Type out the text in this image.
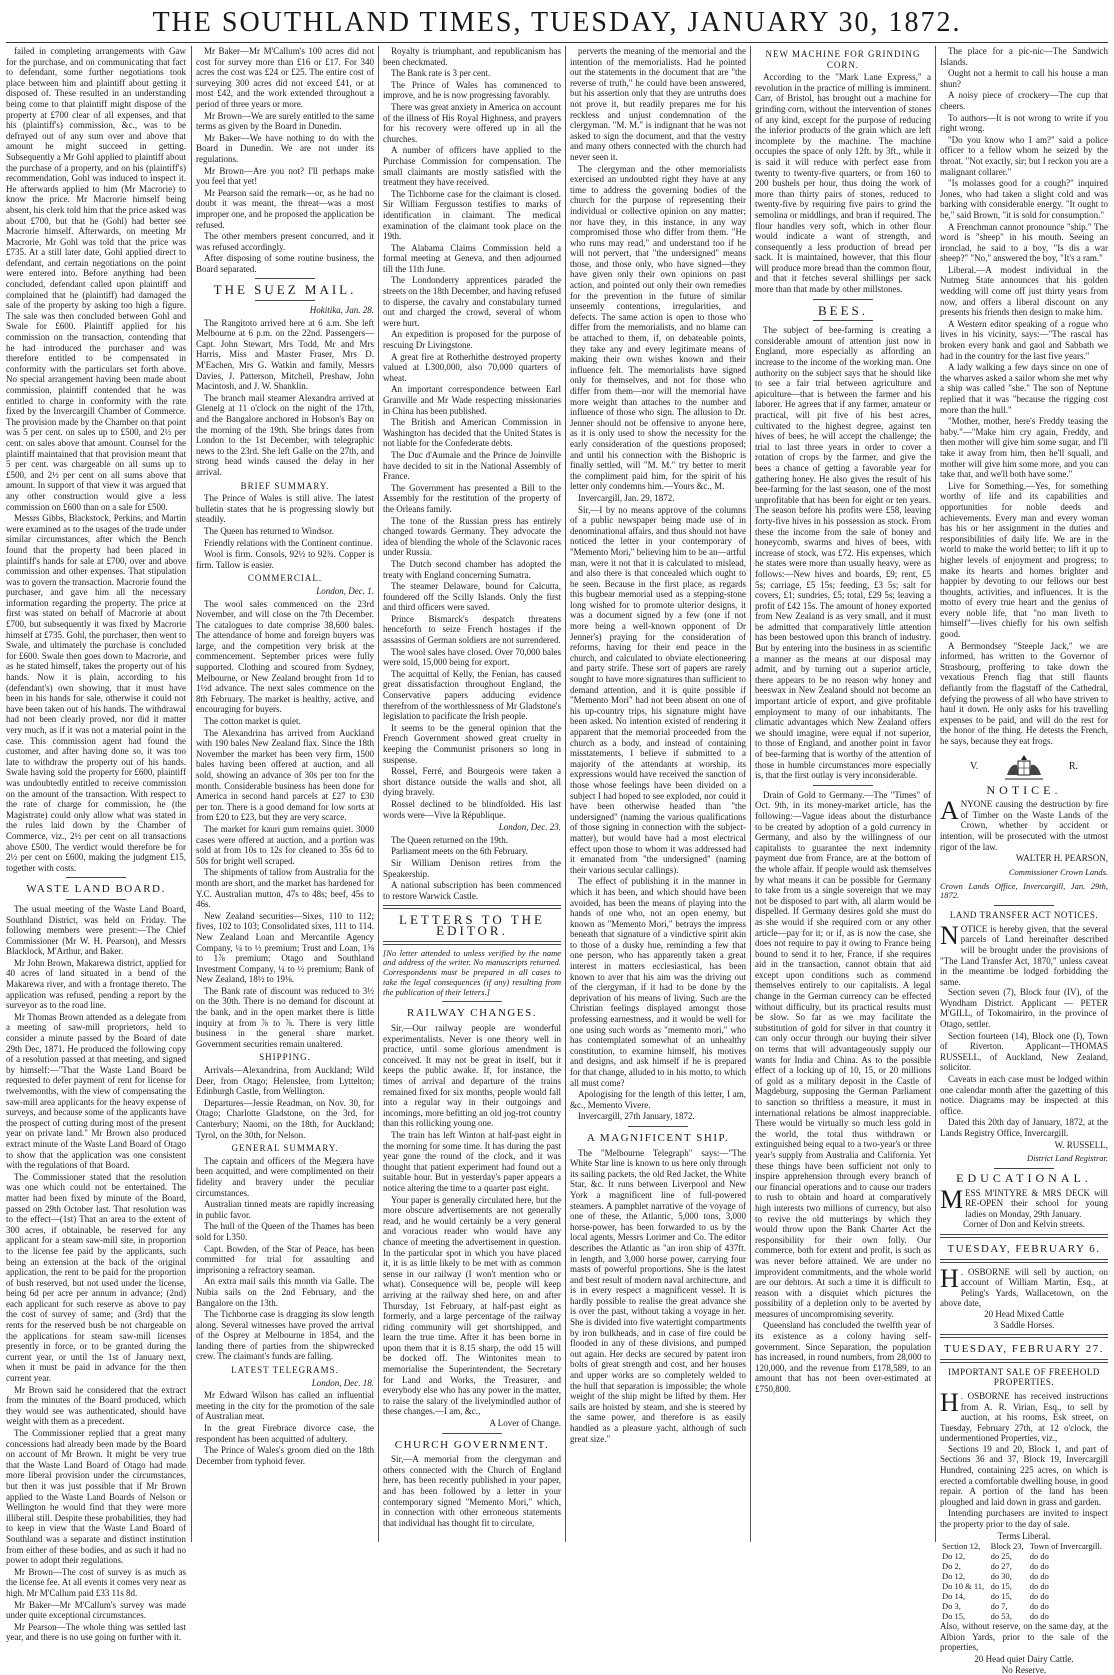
THE SOUTHLAND TIMES, TUESDAY, JANUARY 30, 1872.

failed in completing arrangements with Gaw for the purchase, and on communicating that fact to defendant, some further negotiations took place between him and plaintiff about getting it disposed of. These resulted in an understanding being come to that plaintiff might dispose of the property at £700 clear of all expenses, and that his (plaintiff's) commission, &c., was to be defrayed out of any sum over and above that amount he might succeed in getting. Subsequently a Mr Gohl applied to plaintiff about the purchase of a property, and on his (plaintiff's) recommendation, Gohl was induced to inspect it. He afterwards applied to him (Mr Macrorie) to know the price. Mr Macrorie himself being absent, his clerk told him that the price asked was about £700, but that he (Gohl) had better see Macrorie himself. Afterwards, on meeting Mr Macrorie, Mr Gohl was told that the price was £735. At a still later date, Gohl applied direct to defendant, and certain negotiations on the point were entered into. Before anything had been concluded, defendant called upon plaintiff and complained that he (plaintiff) had damaged the sale of the property by asking too high a figure. The sale was then concluded between Gohl and Swale for £600. Plaintiff applied for his commission on the transaction, contending that he had introduced the purchaser and was therefore entitled to be compensated in conformity with the particulars set forth above. No special arrangement having been made about commission, plaintiff contended that he was entitled to charge in conformity with the rate fixed by the Invercargill Chamber of Commerce. The provision made by the Chamber on that point was 5 per cent. on sales up to £500, and 2½ per cent. on sales above that amount. Counsel for the plaintiff maintained that that provision meant that 5 per cent. was chargeable on all sums up to £500, and 2½ per cent on all sums above that amount. In support of that view it was argued that any other construction would give a less commission on £600 than on a sale for £500.

Messrs Gibbs, Blackstock, Perkins, and Martin were examined as to the usages of the trade under similar circumstances, after which the Bench found that the property had been placed in plaintiff's hands for sale at £700, over and above commission and other expenses. That stipulation was to govern the transaction. Macrorie found the purchaser, and gave him all the necessary information regarding the property. The price at first was stated on behalf of Macrorie at about £700, but subsequently it was fixed by Macrorie himself at £735. Gohl, the purchaser, then went to Swale, and ultimately the purchase is concluded for £600. Swale then goes down to Macrorie, and as he stated himself, takes the property out of his hands. Now it is plain, according to his (defendant's) own showing, that it must have been in his hands for sale, otherwise it could not have been taken out of his hands. The withdrawal had not been clearly proved, nor did it matter very much, as if it was not a material point in the case. This commission agent had found the customer, and after having done so, it was too late to withdraw the property out of his hands. Swale having sold the property for £600, plaintiff was undoubtedly entitled to receive commission on the amount of the transaction. With respect to the rate of charge for commission, he (the Magistrate) could only allow what was stated in the rules laid down by the Chamber of Commerce, viz., 2½ per cent on all transactions above £500. The verdict would therefore be for 2½ per cent on £600, making the judgment £15, together with costs.

WASTE LAND BOARD.

The usual meeting of the Waste Land Board, Southland District, was held on Friday. The following members were present:—The Chief Commissioner (Mr W. H. Pearson), and Messrs Blacklock, M'Arthur, and Baker.

Mr John Brown, Makarewa district, applied for 40 acres of land situated in a bend of the Makarewa river, and with a frontage thereto. The application was refused, pending a report by the surveyor as to the road line.

Mr Thomas Brown attended as a delegate from a meeting of saw-mill proprietors, held to consider a minute passed by the Board of date 29th Dec, 1871. He produced the following copy of a resolution passed at that meeting, and signed by himself:—"That the Waste Land Board be requested to defer payment of rent for license for twelvemonths, with the view of compensating the saw-mill area applicants for the heavy expense of surveys, and because some of the applicants have the prospect of cutting during most of the present year on private land." Mr Brown also produced extract minute of the Waste Land Board of Otago to show that the application was one consistent with the regulations of that Board.

The Commissioner stated that the resolution was one which could not be entertained. The matter had been fixed by minute of the Board, passed on 29th October last. That resolution was to the effect—(1st) That an area to the extent of 300 acres, if obtainable, be reserved for any applicant for a steam saw-mill site, in proportion to the license fee paid by the applicants, such being an extension at the back of the original application, the rent to be paid for the proportion of bush reserved, but not used under the license, being 6d per acre per annum in advance; (2nd) each applicant for such reserve as above to pay the cost of survey of same; and (3rd) that the rents for the reserved bush be not chargeable on the applications for steam saw-mill licenses presently in force, or to be granted during the current year, or until the 1st of January next, when it must be paid in advance for the then current year.

Mr Brown said he considered that the extract from the minutes of the Board produced, which they would see was authenticated, should have weight with them as a precedent.

The Commissioner replied that a great many concessions had already been made by the Board on account of Mr Brown. It might be very true that the Waste Land Board of Otago had made more liberal provision under the circumstances, but then it was just possible that if Mr Brown applied to the Waste Land Boards of Nelson or Wellington he would find that they were more illiberal still. Despite these probabilities, they had to keep in view that the Waste Land Board of Southland was a separate and distinct institution from either of these bodies, and as such it had no power to adopt their regulations.

Mr Brown—The cost of survey is as much as the license fee. At all events it comes very near as high. Mr M'Callum paid £33 11s 8d.

Mr Baker—Mr M'Callum's survey was made under quite exceptional circumstances.

Mr Pearson—The whole thing was settled last year, and there is no use going on further with it.

Mr Baker—Mr M'Callum's 100 acres did not cost for survey more than £16 or £17. For 340 acres the cost was £24 or £25. The entire cost of surveying 300 acres did not exceed £41, or at most £42, and the work extended throughout a period of three years or more.

Mr Brown—We are surely entitled to the same terms as given by the Board in Dunedin.

Mr Baker—We have nothing to do with the Board in Dunedin. We are not under its regulations.

Mr Brown—Are you not? I'll perhaps make you feel that yet!

Mr Pearson said the remark—or, as he had no doubt it was meant, the threat—was a most improper one, and he proposed the application be refused.

The other members present concurred, and it was refused accordingly.

After disposing of some routine business, the Board separated.

THE SUEZ MAIL.
Hokitika, Jan. 28.

The Rangitoto arrived here at 6 a.m. She left Melbourne at 6 p.m. on the 22nd. Passengers—Capt. John Stewart, Mrs Todd, Mr and Mrs Harris, Miss and Master Fraser, Mrs D. M'Eachen, Mrs G. Watkin and family, Messrs Davies, J. Patterson, Mitchell, Preshaw, John Macintosh, and J. W. Shanklin.

The branch mail steamer Alexandra arrived at Glenelg at 11 o'clock on the night of the 17th, and the Bangalore anchored in Hobson's Bay on the morning of the 19th. She brings dates from London to the 1st December, with telegraphic news to the 23rd. She left Galle on the 27th, and strong head winds caused the delay in her arrival.

BRIEF SUMMARY.

The Prince of Wales is still alive. The latest bulletin states that he is progressing slowly but steadily.

The Queen has returned to Windsor.

Friendly relations with the Continent continue.

Wool is firm. Consols, 92½ to 92¾. Copper is firm. Tallow is easier.

COMMERCIAL.
London, Dec. 1.

The wool sales commenced on the 23rd November, and will close on the 7th December. The catalogues to date comprise 38,600 bales. The attendance of home and foreign buyers was large, and the competition very brisk at the commencement. September prices were fully supported. Clothing and scoured from Sydney, Melbourne, or New Zealand brought from 1d to 1½d advance. The next sales commence on the 8th February. The market is healthy, active, and encouraging for buyers.

The cotton market is quiet.

The Alexandrina has arrived from Auckland with 190 bales New Zealand flax. Since the 18th November the market has been very firm, 1500 bales having been offered at auction, and all sold, showing an advance of 30s per ton for the month. Considerable business has been done for America in second hand parcels at £27 to £30 per ton. There is a good demand for low sorts at from £20 to £23, but they are very scarce.

The market for kauri gum remains quiet. 3000 cases were offered at auction, and a portion was sold at from 10s to 12s for cleaned to 35s 6d to 50s for bright well scraped.

The shipments of tallow from Australia for the month are short, and the market has hardened for Y.C. Australian mutton, 47s to 48s; beef, 45s to 46s.

New Zealand securities—Sixes, 110 to 112; fives, 102 to 103; Consolidated sixes, 111 to 114. New Zealand Loan and Mercantile Agency Company, ¼ to ½ premium; Trust and Loan, 1⅝ to 1⅞ premium; Otago and Southland Investment Company, ¼ to ½ premium; Bank of New Zealand, 18½ to 19⅛.

The Bank rate of discount was reduced to 3½ on the 30th. There is no demand for discount at the bank, and in the open market there is little inquiry at from ⅞ to ⅞. There is very little business in the general share market. Government securities remain unaltered.

SHIPPING.

Arrivals—Alexandrina, from Auckland; Wild Deer, from Otago; Helenslee, from Lyttelton; Edinburgh Castle, from Wellington.

Departures—Jessie Readman, on Nov. 30, for Otago; Charlotte Gladstone, on the 3rd, for Canterbury; Naomi, on the 18th, for Auckland; Tyrol, on the 30th, for Nelson.

GENERAL SUMMARY.

The captain and officers of the Megæra have been acquitted, and were complimented on their fidelity and bravery under the peculiar circumstances.

Australian tinned meats are rapidly increasing in public favor.

The hull of the Queen of the Thames has been sold for L350.

Capt. Bowden, of the Star of Peace, has been committed for trial for assaulting and imprisoning a refractory seaman.

An extra mail sails this month via Galle. The Nubia sails on the 2nd February, and the Bangalore on the 13th.

The Tichborne case is dragging its slow length along. Several witnesses have proved the arrival of the Osprey at Melbourne in 1854, and the landing there of parties from the shipwrecked crew. The claimant's funds are falling.

LATEST TELEGRAMS.
London, Dec. 18.

Mr Edward Wilson has called an influential meeting in the city for the promotion of the sale of Australian meat.

In the great Firebrace divorce case, the respondent has been acquitted of adultery.

The Prince of Wales's groom died on the 18th December from typhoid fever.

Royalty is triumphant, and republicanism has been checkmated.

The Bank rate is 3 per cent.

The Prince of Wales has commenced to improve, and he is now progressing favorably.

There was great anxiety in America on account of the illness of His Royal Highness, and prayers for his recovery were offered up in all the churches.

A number of officers have applied to the Purchase Commission for compensation. The small claimants are mostly satisfied with the treatment they have received.

The Tichborne case for the claimant is closed. Sir William Fergusson testifies to marks of identification in claimant. The medical examination of the claimant took place on the 19th.

The Alabama Claims Commission held a formal meeting at Geneva, and then adjourned till the 11th June.

The Londonderry apprentices paraded the streets on the 18th December, and having refused to disperse, the cavalry and constabulary turned out and charged the crowd, several of whom were hurt.

An expedition is proposed for the purpose of rescuing Dr Livingstone.

A great fire at Rotherhithe destroyed property valued at L300,000, also 70,000 quarters of wheat.

An important correspondence between Earl Granville and Mr Wade respecting missionaries in China has been published.

The British and American Commission in Washington has decided that the United States is not liable for the Confederate debts.

The Duc d'Aumale and the Prince de Joinville have decided to sit in the National Assembly of France.

The Government has presented a Bill to the Assembly for the restitution of the property of the Orleans family.

The tone of the Russian press has entirely changed towards Germany. They advocate the idea of blending the whole of the Sclavonic races under Russia.

The Dutch second chamber has adopted the treaty with England concerning Sumatra.

The steamer Delaware, bound for Calcutta, foundered off the Scilly Islands. Only the first and third officers were saved.

Prince Bismarck's despatch threatens henceforth to seize French hostages if the assassins of German soldiers are not surrendered.

The wool sales have closed. Over 70,000 bales were sold, 15,000 being for export.

The acquittal of Kelly, the Fenian, has caused great dissatisfaction throughout England, the Conservative papers adducing evidence therefrom of the worthlessness of Mr Gladstone's legislation to pacificate the Irish people.

It seems to be the general opinion that the French Government showed great cruelty in keeping the Communist prisoners so long in suspense.

Rossel, Ferré, and Bourgeois were taken a short distance outside the walls and shot, all dying bravely.

Rossel declined to be blindfolded. His last words were—Vive la République.

London, Dec. 23.

The Queen returned on the 19th.

Parliament meets on the 6th February.

Sir William Denison retires from the Speakership.

A national subscription has been commenced to restore Warwick Castle.

LETTERS TO THE EDITOR.
[No letter attended to unless verified by the name and address of the writer. No manuscripts returned. Correspondents must be prepared in all cases to take the legal consequences (if any) resulting from the publication of their letters.]
RAILWAY CHANGES.

Sir,—Our railway people are wonderful experimentalists. Never is one theory well in practice, until some glorious amendment is conceived. It may not be great in itself, but it keeps the public awake. If, for instance, the times of arrival and departure of the trains remained fixed for six months, people would fall into a regular way in their outgoings and incomings, more befitting an old jog-trot country than this rollicking young one.

The train has left Winton at half-past eight in the morning for some time. It has during the past year gone the round of the clock, and it was thought that patient experiment had found out a suitable hour. But in yesterday's paper appears a notice altering the time to a quarter past eight.

Your paper is generally circulated here, but the more obscure advertisements are not generally read, and he would certainly be a very general and voracious reader who would have any chance of meeting the advertisement in question. In the particular spot in which you have placed it, it is as little likely to be met with as common sense in our railway (I won't mention who or what). Consequence will be, people will keep arriving at the railway shed here, on and after Thursday, 1st February, at half-past eight as formerly, and a large percentage of the railway riding community will get shortshipped, and learn the true time. After it has been borne in upon them that it is 8.15 sharp, the odd 15 will be docked off. The Wintonites mean to memorialise the Superintendent, the Secretary for Land and Works, the Treasurer, and everybody else who has any power in the matter, to raise the salary of the livelymindled author of these changes.—I am, &c.,

A Lover of Change.
CHURCH GOVERNMENT.

Sir,—A memorial from the clergyman and others connected with the Church of England here, has been recently published in your paper, and has been followed by a letter in your contemporary signed "Memento Mori," which, in connection with other erroneous statements that individual has thought fit to circulate,

perverts the meaning of the memorial and the intention of the memorialists. Had he pointed out the statements in the document that are "the reverse of truth," he could have been answered, but his assertion only that they are untruths does not prove it, but readily prepares me for his reckless and unjust condemnation of the clergyman. "M. M." is indignant that he was not asked to sign the document, and that the vestry and many others connected with the church had never seen it.

The clergyman and the other memorialists exercised an undoubted right they have at any time to address the governing bodies of the church for the purpose of representing their individual or collective opinion on any matter; nor have they, in this instance, in any way compromised those who differ from them. "He who runs may read," and understand too if he will not pervert, that "the undersigned" means those, and those only, who have signed—they have given only their own opinions on past action, and pointed out only their own remedies for the prevention in the future of similar unseemly contentions, irregularities, and defects. The same action is open to those who differ from the memorialists, and no blame can be attached to them, if, on debateable points, they take any and every legitimate means of making their own wishes known and their influence felt. The memorialists have signed only for themselves, and not for those who differ from them—nor will the memorial have more weight than attaches to the number and influence of those who sign. The allusion to Dr. Jenner should not be offensive to anyone here, as it is only used to show the necessity for the early consideration of the questions proposed; and until his connection with the Bishopric is finally settled, will "M. M." try better to merit the compliment paid him, for the spirit of his letter only condemns him.—Yours &c., M.

Invercargill, Jan. 29, 1872.

Sir,—I by no means approve of the columns of a public newspaper being made use of in denominational affairs, and thus should not have noticed the letter in your contemporary of "Memento Mori," believing him to be an—artful man, were it not that it is calculated to mislead, and also there is that concealed which ought to be seen. Because in the first place, as regards this bugbear memorial used as a stepping-stone long wished for to promote ulterior designs, it was a document signed by a few (one if not more being a well-known opponent of Dr Jenner's) praying for the consideration of reforms, having for their end peace in the church, and calculated to obviate electioneering and party strife. These sort of papers are rarely sought to have more signatures than sufficient to demand attention, and it is quite possible if "Memento Mori" had not been absent on one of his up-country trips, his signature might have been asked. No intention existed of rendering it apparent that the memorial proceeded from the church as a body, and instead of containing misstatements, I believe if submitted to a majority of the attendants at worship, its expressions would have received the sanction of those whose feelings have been divided on a subject I had hoped to see exploded, nor could it have been otherwise headed than "the undersigned" (naming the various qualifications of those signing in connection with the subject-matter), but would have had a most electrical effect upon those to whom it was addressed had it emanated from "the undersigned" (naming their various secular callings).

The effect of publishing it in the manner in which it has been, and which should have been avoided, has been the means of playing into the hands of one who, not an open enemy, but known as "Memento Mori," betrays the impress beneath that signature of a vindictive spirit akin to those of a dusky hue, reminding a few that one person, who has apparently taken a great interest in matters ecclesiastical, has been known to aver that his aim was the driving out of the clergyman, if it had to be done by the deprivation of his means of living. Such are the Christian feelings displayed amongst those professing earnestness, and it would be well for one using such words as "memento mori," who has contemplated somewhat of an unhealthy constitution, to examine himself, his motives and designs, and ask himself if he is prepared for that change, alluded to in his motto, to which all must come?

Apologising for the length of this letter, I am, &c., Memento Vivere.

Invercargill, 27th January, 1872.

A MAGNIFICENT SHIP.

The "Melbourne Telegraph" says:—"The White Star line is known to us here only through its sailing packets, the old Red Jacket, the White Star, &c. It runs between Liverpool and New York a magnificent line of full-powered steamers. A pamphlet narrative of the voyage of one of these, the Atlantic, 5,000 tons, 3,000 horse-power, has been forwarded to us by the local agents, Messrs Lorimer and Co. The editor describes the Atlantic as "an iron ship of 437ft. in length, and 3,000 horse power, carrying four masts of powerful proportions. She is the latest and best result of modern naval architecture, and is in every respect a magnificent vessel. It is hardly possible to realise the great advance she is over the past, without taking a voyage in her. She is divided into five watertight compartments by iron bulkheads, and in case of fire could be flooded in any of these divisions, and pumped out again. Her decks are secured by patent iron bolts of great strength and cost, and her houses and upper works are so completely welded to the hull that separation is impossible; the whole weight of the ship might be lifted by them. Her sails are hoisted by steam, and she is steered by the same power, and therefore is as easily handled as a pleasure yacht, although of such great size."

NEW MACHINE FOR GRINDING CORN.

According to the "Mark Lane Express," a revolution in the practice of milling is imminent. Carr, of Bristol, has brought out a machine for grinding corn, without the intervention of stones of any kind, except for the purpose of reducing the inferior products of the grain which are left incomplete by the machine. The machine occupies the space of only 12ft. by 3ft., while it is said it will reduce with perfect ease from twenty to twenty-five quarters, or from 160 to 200 bushels per hour, thus doing the work of more than thirty pairs of stones, reduced to twenty-five by requiring five pairs to grind the semolina or middlings, and bran if required. The flour handles very soft, which in other flour would indicate a want of strength, and consequently a less production of bread per sack. It is maintained, however, that this flour will produce more bread than the common flour, and that it fetches several shillings per sack more than that made by other millstones.

BEES.

The subject of bee-farming is creating a considerable amount of attention just now in England, more especially as affording an increase to the income of the working man. One authority on the subject says that he should like to see a fair trial between agriculture and apiculture—that is between the farmer and his laborer. He agrees that if any farmer, amateur or practical, will pit five of his best acres, cultivated to the highest degree, against ten hives of bees, he will accept the challenge; the trial to last three years in order to cover a rotation of crops by the farmer, and give the bees a chance of getting a favorable year for gathering honey. He also gives the result of his bee-farming for the last season, one of the most unprofitable that has been for eight or ten years. The season before his profits were £58, leaving forty-five hives in his possession as stock. From these the income from the sale of honey and honeycomb, swarms and hives of bees, with increase of stock, was £72. His expenses, which he states were more than usually heavy, were as follows:—New hives and boards, £9; rent, £5 5s; carriage, £5 15s; feeding, £3 5s; salt for covers, £1; sundries, £5; total, £29 5s; leaving a profit of £42 15s. The amount of honey exported from New Zealand is as very small, and it must be admitted that comparatively little attention has been bestowed upon this branch of industry. But by entering into the business in as scientific a manner as the means at our disposal may admit, and by turning out a superior article, there appears to be no reason why honey and beeswax in New Zealand should not become an important article of export, and give profitable employment to many of our inhabitants. The climatic advantages which New Zealand offers we should imagine, were equal if not superior, to those of England, and another point in favor of bee-farming that is worthy of the attention of those in humble circumstances more especially is, that the first outlay is very inconsiderable.

Drain of Gold to Germany.—The "Times" of Oct. 9th, in its money-market article, has the following:—Vague ideas about the disturbance to be created by adoption of a gold currency in Germany, and also by the willingness of our capitalists to guarantee the next indemnity payment due from France, are at the bottom of the whole affair. If people would ask themselves by what means it can be possible for Germany to take from us a single sovereign that we may not be disposed to part with, all alarm would be dispelled. If Germany desires gold she must do as she would if she required corn or any other article—pay for it; or if, as is now the case, she does not require to pay it owing to France being bound to send it to her, France, if she requires aid in the transaction, cannot obtain that aid except upon conditions such as commend themselves entirely to our capitalists. A legal change in the German currency can be effected without difficulty, but its practical results must be slow. So far as we may facilitate the substitution of gold for silver in that country it can only occur through our buying their silver on terms that will advantageously supply our wants for India and China. As to the possible effect of a locking up of 10, 15, or 20 millions of gold as a military deposit in the Castle of Magdeburg, supposing the German Parliament to sanction so thriftless a measure, it must in international relations be almost inappreciable. There would be virtually so much less gold in the world, the total thus withdrawn or extinguished being equal to a two-year's or three year's supply from Australia and California. Yet these things have been sufficient not only to inspire apprehension through every branch of our financial operations and to cause our traders to rush to obtain and hoard at comparatively high interests two millions of currency, but also to revive the old mutterings by which they would throw upon the Bank Charter Act the responsibility for their own folly. Our commerce, both for extent and profit, is such as was never before attained. We are under no improvident commitments, and the whole world are our debtors. At such a time it is difficult to reason with a disquiet which pictures the possibility of a depletion only to be averted by measures of uncompromising severity.

Queensland has concluded the twelfth year of its existence as a colony having self-government. Since Separation, the population has increased, in round numbers, from 28,000 to 120,000, and the revenue from £178,589, to an amount that has not been over-estimated at £750,800.

The place for a pic-nic—The Sandwich Islands.

Ought not a hermit to call his house a man shun?

A noisy piece of crockery—The cup that cheers.

To authors—It is not wrong to write if you right wrong.

"Do you know who I am?" said a police officer to a fellow whom he seized by the throat. "Not exactly, sir; but I reckon you are a malignant collarer."

"Is molasses good for a cough?" inquired Jones, who had taken a slight cold and was barking with considerable energy. "It ought to be," said Brown, "it is sold for consumption."

A Frenchman cannot pronounce "ship." The word is "sheep" in his mouth. Seeing an ironclad, he said to a boy, "Is dis a war sheep?" "No," answered the boy, "It's a ram."

Liberal.—A modest individual in the Nutmeg State announces that his golden wedding will come off just thirty years from now, and offers a liberal discount on any presents his friends then design to make him.

A Western editor speaking of a rogue who lives in his vicinity, says:—"The rascal has broken every bank and gaol and Sabbath we had in the country for the last five years."

A lady walking a few days since on one of the wharves asked a sailor whom she met why a ship was called "she." The son of Neptune replied that it was "because the rigging cost more than the hull."

"Mother, mother, here's Freddy teasing the baby."—"Make him cry again, Freddy, and then mother will give him some sugar, and I'll take it away from him, then he'll squall, and mother will give him some more, and you can take that, and we'll both have some."

Live for Something.—Yes, for something worthy of life and its capabilities and opportunities for noble deeds and achievements. Every man and every woman has his or her assignment in the duties and responsibilities of daily life. We are in the world to make the world better; to lift it up to higher levels of enjoyment and progress; to make its hearts and homes brighter and happier by devoting to our fellows our best thoughts, activities, and influences. It is the motto of every true heart and the genius of every noble life, that "no man liveth to himself"—lives chiefly for his own selfish good.

A Bermondsey "Steeple Jack," we are informed, has written to the Governor of Strasbourg, proffering to take down the vexatious French flag that still flaunts defiantly from the flagstaff of the Cathedral, defying the prowess of all who have striven to haul it down. He only asks for his travelling expenses to be paid, and will do the rest for the honor of the thing. He detests the French, he says, because they eat frogs.

V.	R.
NOTICE.

ANYONE causing the destruction by fire of Timber on the Waste Lands of the Crown, whether by accident or intention, will be prosecuted with the utmost rigor of the law.

WALTER H. PEARSON,
Commissioner Crown Lands.
Crown Lands Office, Invercargill, Jan. 29th, 1872.
LAND TRANSFER ACT NOTICES.

NOTICE is hereby given, that the several parcels of Land hereinafter described will be brought under the provisions of "The Land Transfer Act, 1870," unless caveat in the meantime be lodged forbidding the same.

Section seven (7), Block four (IV), of the Wyndham District. Applicant — PETER M'GILL, of Tokomairiro, in the province of Otago, settler.

Section fourteen (14), Block one (I), Town of Riverton. Applicant—THOMAS RUSSELL, of Auckland, New Zealand, solicitor.

Caveats in each case must be lodged within one calendar month after the gazetting of this notice. Diagrams may be inspected at this office.

Dated this 20th day of January, 1872, at the Lands Registry Office, Invercargill.

W. RUSSELL,
District Land Registrar.
EDUCATIONAL.

MESS M'INTYRE & MRS DECK will RE-OPEN their school for young ladies on Monday, 29th January.

Corner of Don and Kelvin streets.
TUESDAY, FEBRUARY 6.

H . OSBORNE will sell by auction, on account of William Martin, Esq., at Peling's Yards, Wallacetown, on the above date,

20 Head Mixed Cattle
3 Saddle Horses.
TUESDAY, FEBRUARY 27.
IMPORTANT SALE OF FREEHOLD PROPERTIES.

H . OSBORNE has received instructions from A. R. Virian, Esq., to sell by auction, at his rooms, Esk street, on Tuesday, February 27th, at 12 o'clock, the undermentioned Properties, viz.,

Sections 19 and 20, Block 1, and part of Sections 36 and 37, Block 19, Invercargill Hundred, containing 225 acres, on which is erected a comfortable dwelling house, in good repair. A portion of the land has been ploughed and laid down in grass and garden.

Intending purchasers are invited to inspect the property prior to the day of sale.

Terms Liberal.
Section 12,	Block 23,	Town of Invercargill.
Do 12,	do 25,	do do
Do 2,	do 27,	do do
Do 12,	do 30,	do do
Do 10 & 11,	do 15,	do do
Do 14,	do 15,	do do
Do 3,	do 7,	do do
Do 15,	do 53,	do do

Also, without reserve, on the same day, at the Albion Yards, prior to the sale of the properties,

20 Head quiet Dairy Cattle.
No Reserve.
